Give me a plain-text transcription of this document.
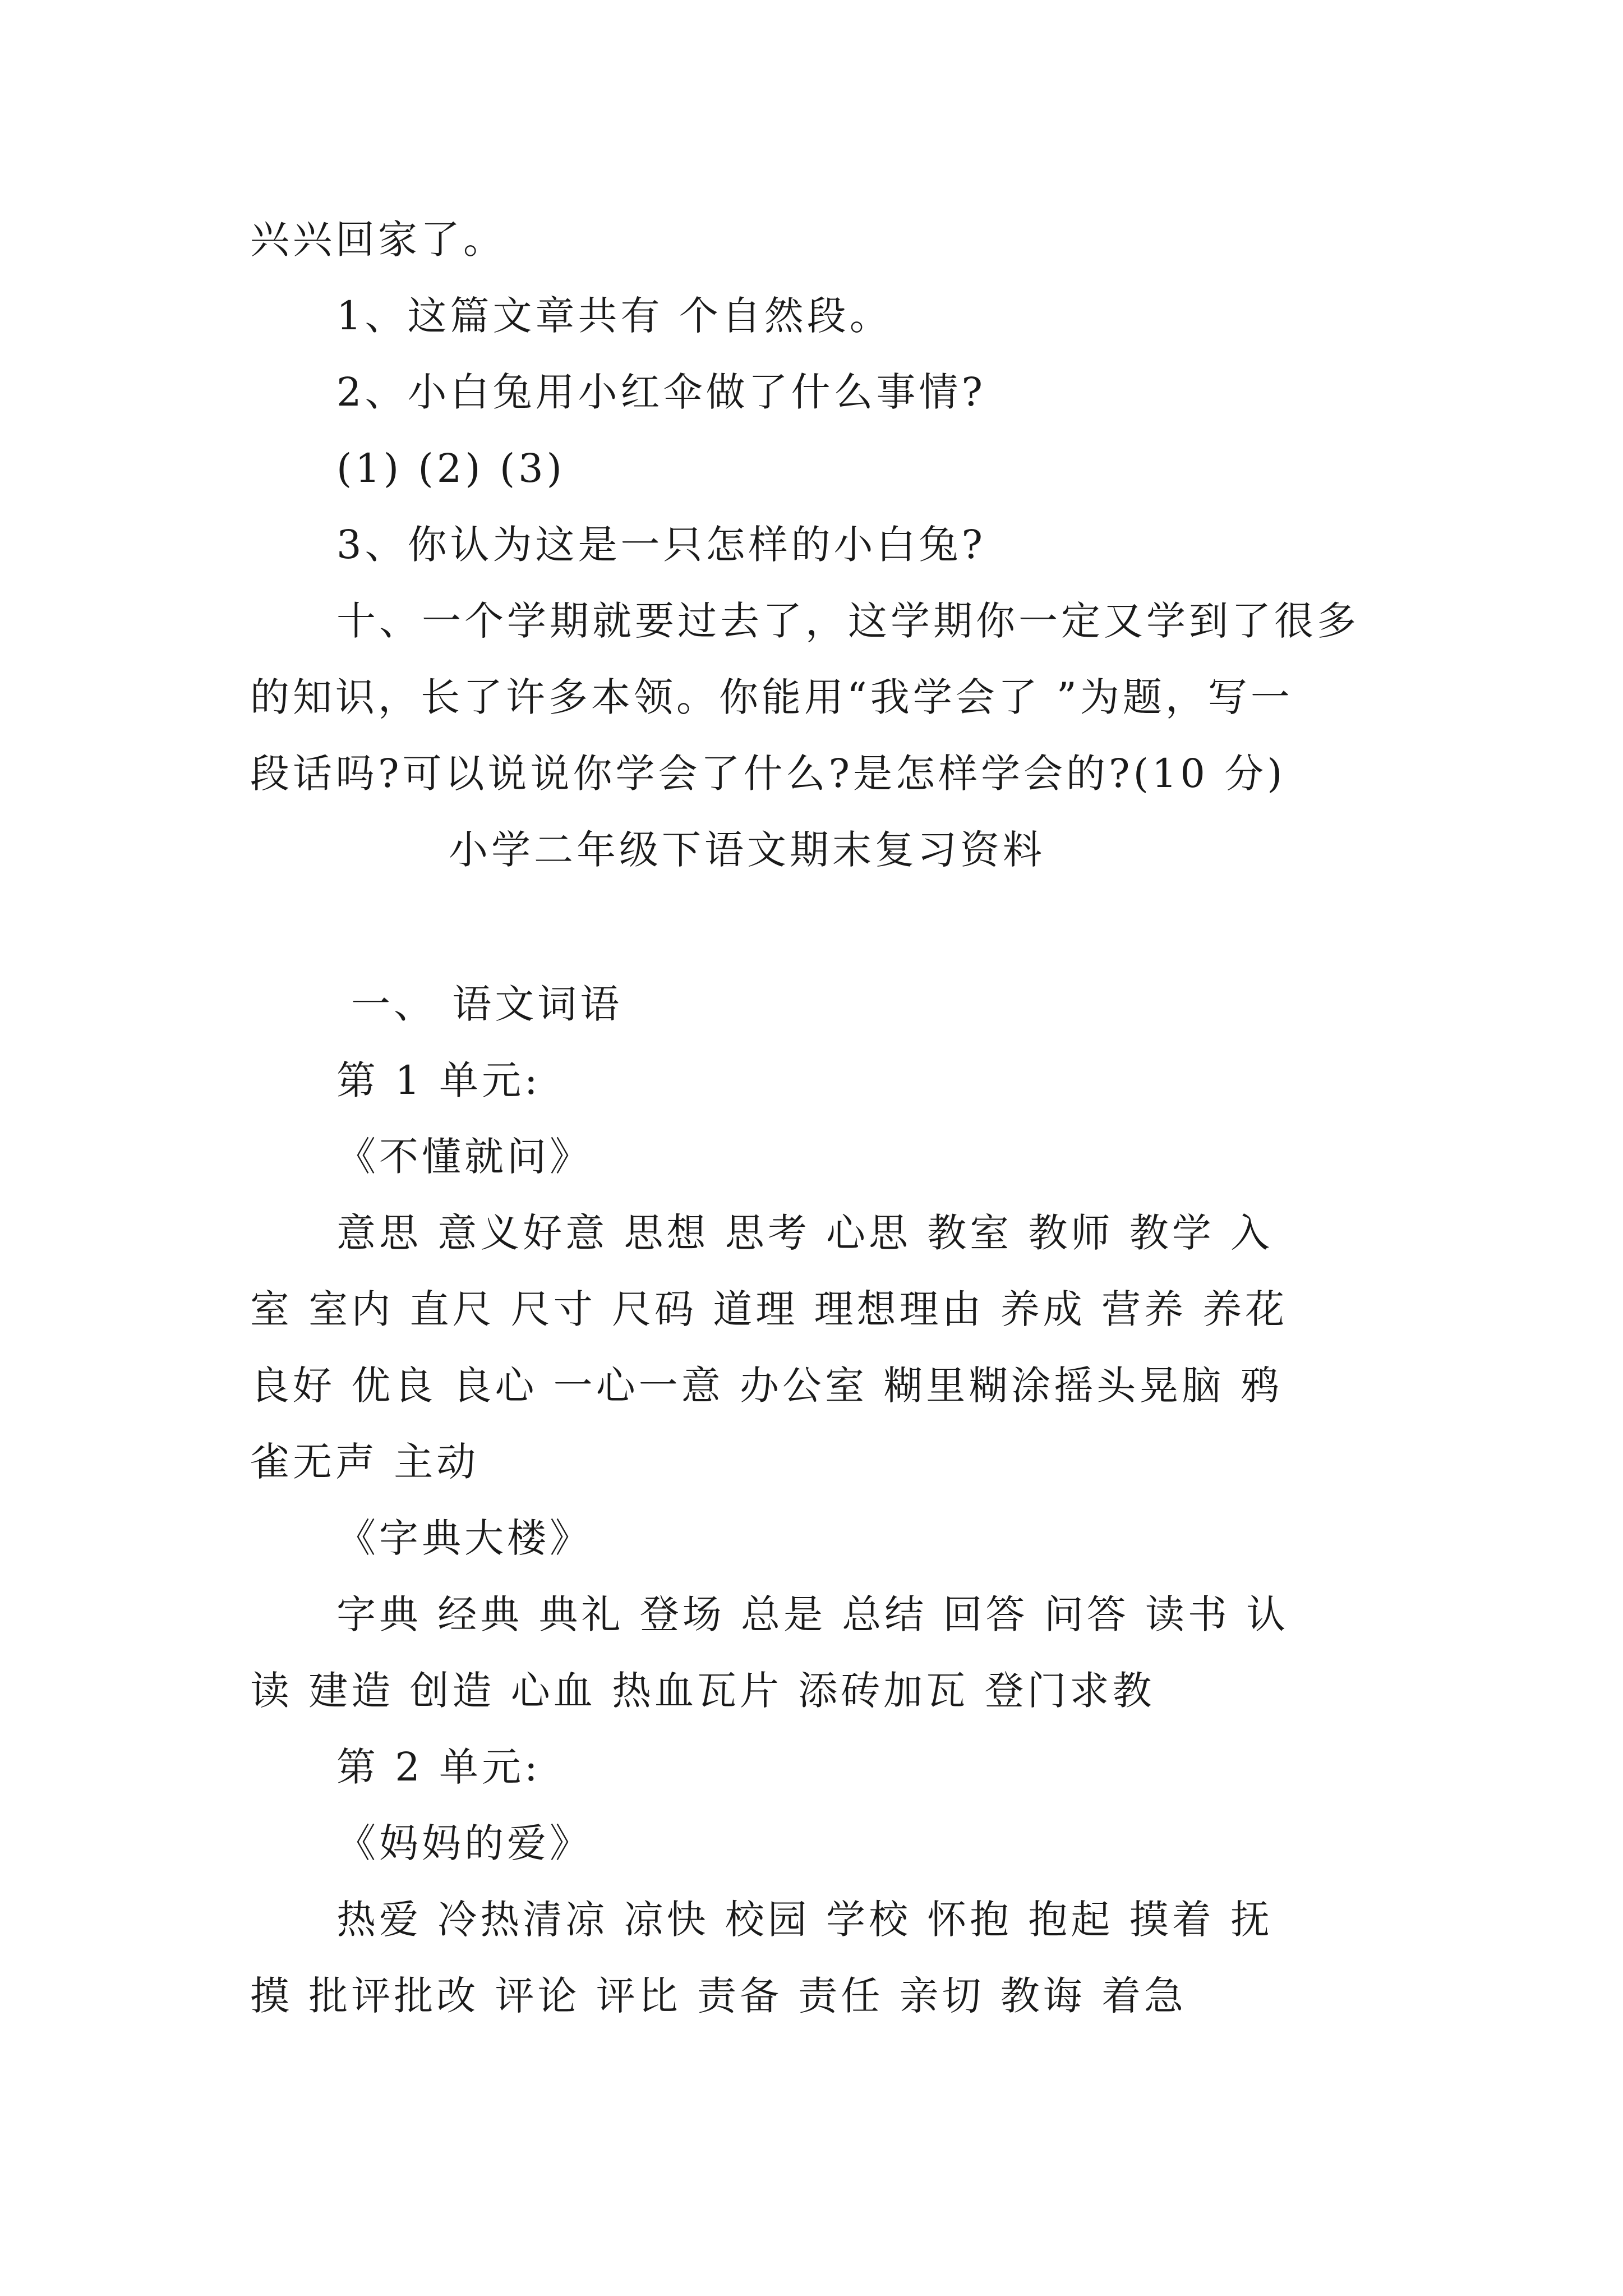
兴兴回家了。
1、这篇文章共有 个自然段。
2、小白兔用小红伞做了什么事情?
(1) (2) (3)
3、你认为这是一只怎样的小白兔?
十、一个学期就要过去了，这学期你一定又学到了很多
的知识，长了许多本领。你能用“我学会了 ”为题，写一
段话吗?可以说说你学会了什么?是怎样学会的?(10 分)
小学二年级下语文期末复习资料
一、 语文词语
第 1 单元:
《不懂就问》
意思 意义好意 思想 思考 心思 教室 教师 教学 入
室 室内 直尺 尺寸 尺码 道理 理想理由 养成 营养 养花
良好 优良 良心 一心一意 办公室 糊里糊涂摇头晃脑 鸦
雀无声 主动
《字典大楼》
字典 经典 典礼 登场 总是 总结 回答 问答 读书 认
读 建造 创造 心血 热血瓦片 添砖加瓦 登门求教
第 2 单元:
《妈妈的爱》
热爱 冷热清凉 凉快 校园 学校 怀抱 抱起 摸着 抚
摸 批评批改 评论 评比 责备 责任 亲切 教诲 着急
